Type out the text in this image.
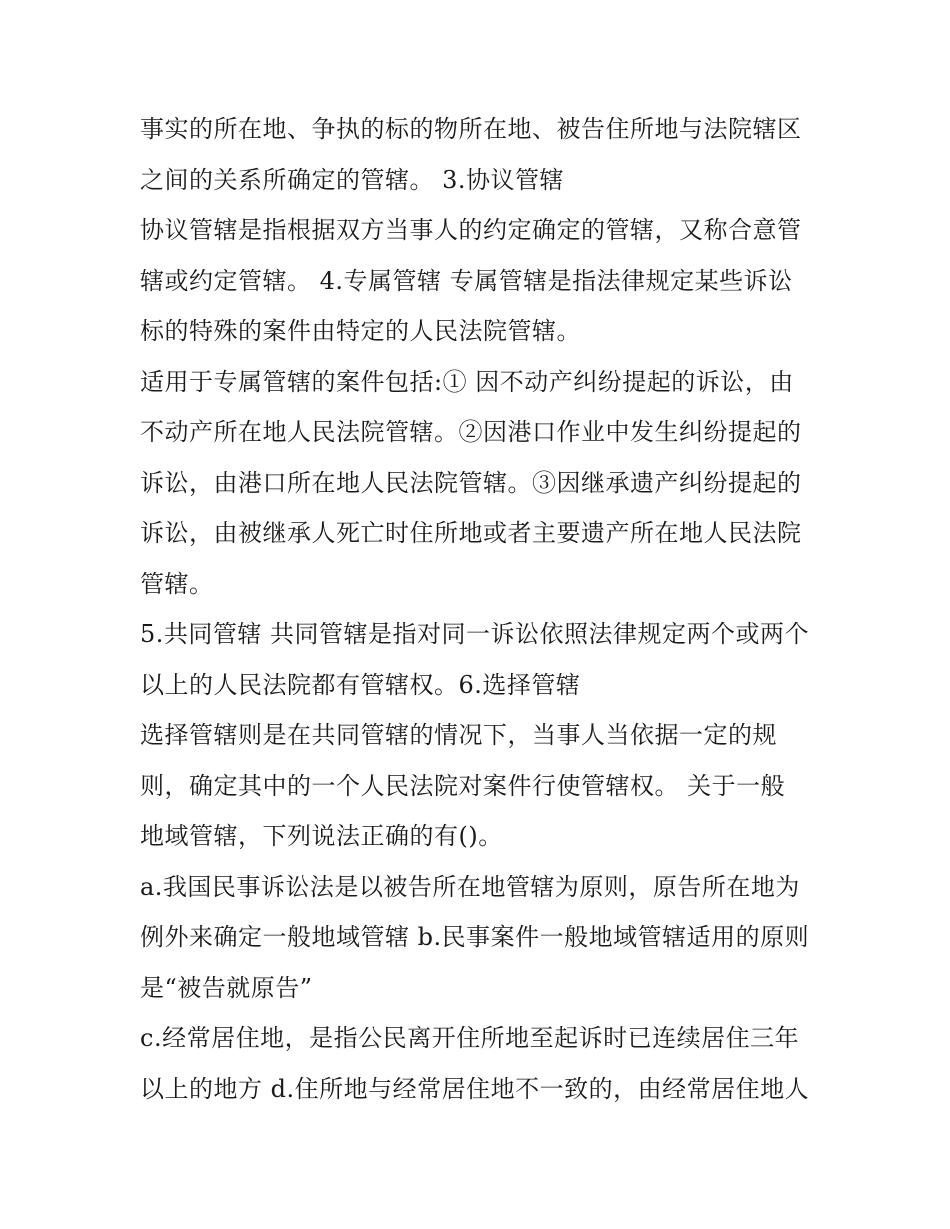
事实的所在地、争执的标的物所在地、被告住所地与法院辖区
之间的关系所确定的管辖。 3.协议管辖
协议管辖是指根据双方当事人的约定确定的管辖，又称合意管
辖或约定管辖。 4.专属管辖 专属管辖是指法律规定某些诉讼
标的特殊的案件由特定的人民法院管辖。
适用于专属管辖的案件包括:① 因不动产纠纷提起的诉讼，由
不动产所在地人民法院管辖。②因港口作业中发生纠纷提起的
诉讼，由港口所在地人民法院管辖。③因继承遗产纠纷提起的
诉讼，由被继承人死亡时住所地或者主要遗产所在地人民法院
管辖。
5.共同管辖 共同管辖是指对同一诉讼依照法律规定两个或两个
以上的人民法院都有管辖权。6.选择管辖
选择管辖则是在共同管辖的情况下，当事人当依据一定的规
则，确定其中的一个人民法院对案件行使管辖权。 关于一般
地域管辖，下列说法正确的有()。
a.我国民事诉讼法是以被告所在地管辖为原则，原告所在地为
例外来确定一般地域管辖 b.民事案件一般地域管辖适用的原则
是“被告就原告”
c.经常居住地，是指公民离开住所地至起诉时已连续居住三年
以上的地方 d.住所地与经常居住地不一致的，由经常居住地人
